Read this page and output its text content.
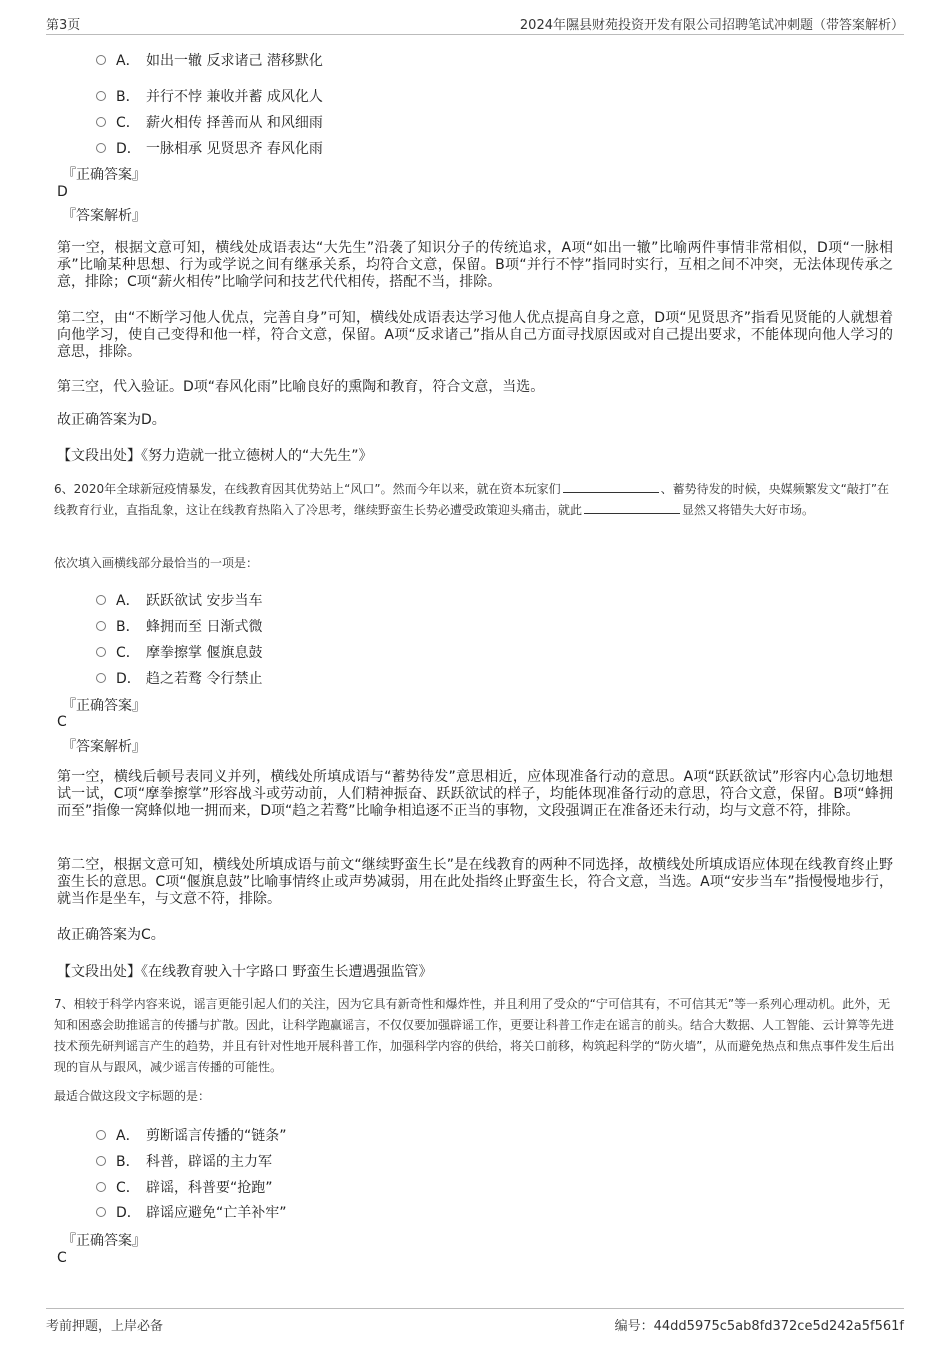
第3页	2024年隰县财苑投资开发有限公司招聘笔试冲刺题（带答案解析）
A． 如出一辙 反求诸己 潜移默化
B． 并行不悖 兼收并蓄 成风化人
C． 薪火相传 择善而从 和风细雨
D． 一脉相承 见贤思齐 春风化雨
『正确答案』
D
『答案解析』
第一空，根据文意可知，横线处成语表达“大先生”沿袭了知识分子的传统追求，A项“如出一辙”比喻两件事情非常相似，D项“一脉相承”比喻某种思想、行为或学说之间有继承关系，均符合文意，保留。B项“并行不悖”指同时实行，互相之间不冲突，无法体现传承之意，排除；C项“薪火相传”比喻学问和技艺代代相传，搭配不当，排除。
第二空，由“不断学习他人优点，完善自身”可知，横线处成语表达学习他人优点提高自身之意，D项“见贤思齐”指看见贤能的人就想着向他学习，使自己变得和他一样，符合文意，保留。A项“反求诸己”指从自己方面寻找原因或对自己提出要求，不能体现向他人学习的意思，排除。
第三空，代入验证。D项“春风化雨”比喻良好的熏陶和教育，符合文意，当选。
故正确答案为D。
【文段出处】《努力造就一批立德树人的“大先生”》
6、2020年全球新冠疫情暴发，在线教育因其优势站上“风口”。然而今年以来，就在资本玩家们	、蓄势待发的时候，央媒频繁发文“敲打”在线教育行业，直指乱象，这让在线教育热陷入了冷思考，继续野蛮生长势必遭受政策迎头痛击，就此	显然又将错失大好市场。
依次填入画横线部分最恰当的一项是：
A． 跃跃欲试 安步当车
B． 蜂拥而至 日渐式微
C． 摩拳擦掌 偃旗息鼓
D． 趋之若鹜 令行禁止
『正确答案』
C
『答案解析』
第一空，横线后顿号表同义并列，横线处所填成语与“蓄势待发”意思相近，应体现准备行动的意思。A项“跃跃欲试”形容内心急切地想试一试，C项“摩拳擦掌”形容战斗或劳动前，人们精神振奋、跃跃欲试的样子，均能体现准备行动的意思，符合文意，保留。B项“蜂拥而至”指像一窝蜂似地一拥而来，D项“趋之若鹜”比喻争相追逐不正当的事物，文段强调正在准备还未行动，均与文意不符，排除。
第二空，根据文意可知，横线处所填成语与前文“继续野蛮生长”是在线教育的两种不同选择，故横线处所填成语应体现在线教育终止野蛮生长的意思。C项“偃旗息鼓”比喻事情终止或声势减弱，用在此处指终止野蛮生长，符合文意，当选。A项“安步当车”指慢慢地步行，就当作是坐车，与文意不符，排除。
故正确答案为C。
【文段出处】《在线教育驶入十字路口 野蛮生长遭遇强监管》
7、相较于科学内容来说，谣言更能引起人们的关注，因为它具有新奇性和爆炸性，并且利用了受众的“宁可信其有，不可信其无”等一系列心理动机。此外，无知和困惑会助推谣言的传播与扩散。因此，让科学跑赢谣言，不仅仅要加强辟谣工作，更要让科普工作走在谣言的前头。结合大数据、人工智能、云计算等先进技术预先研判谣言产生的趋势，并且有针对性地开展科普工作，加强科学内容的供给，将关口前移，构筑起科学的“防火墙”，从而避免热点和焦点事件发生后出现的盲从与跟风，减少谣言传播的可能性。
最适合做这段文字标题的是：
A． 剪断谣言传播的“链条”
B． 科普，辟谣的主力军
C． 辟谣，科普要“抢跑”
D． 辟谣应避免“亡羊补牢”
『正确答案』
C
考前押题，上岸必备	编号：44dd5975c5ab8fd372ce5d242a5f561f
